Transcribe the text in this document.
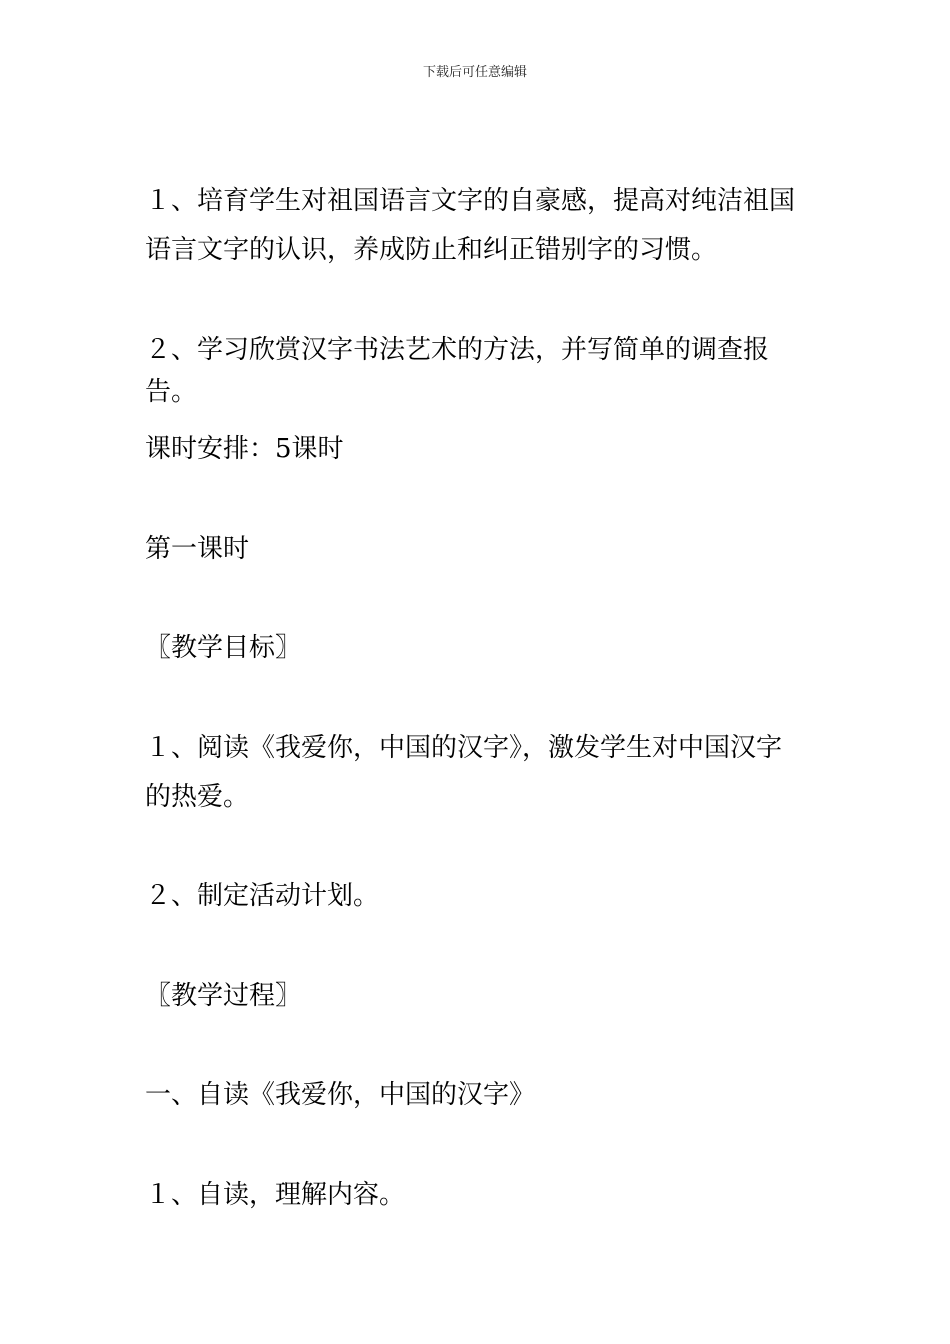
下载后可任意编辑
１、培育学生对祖国语言文字的自豪感，提高对纯洁祖国
语言文字的认识，养成防止和纠正错别字的习惯。
２、学习欣赏汉字书法艺术的方法，并写简单的调查报告。
课时安排：5课时
第一课时
〖教学目标〗
１、阅读《我爱你，中国的汉字》，激发学生对中国汉字
的热爱。
２、制定活动计划。
〖教学过程〗
一、自读《我爱你，中国的汉字》
１、自读，理解内容。
